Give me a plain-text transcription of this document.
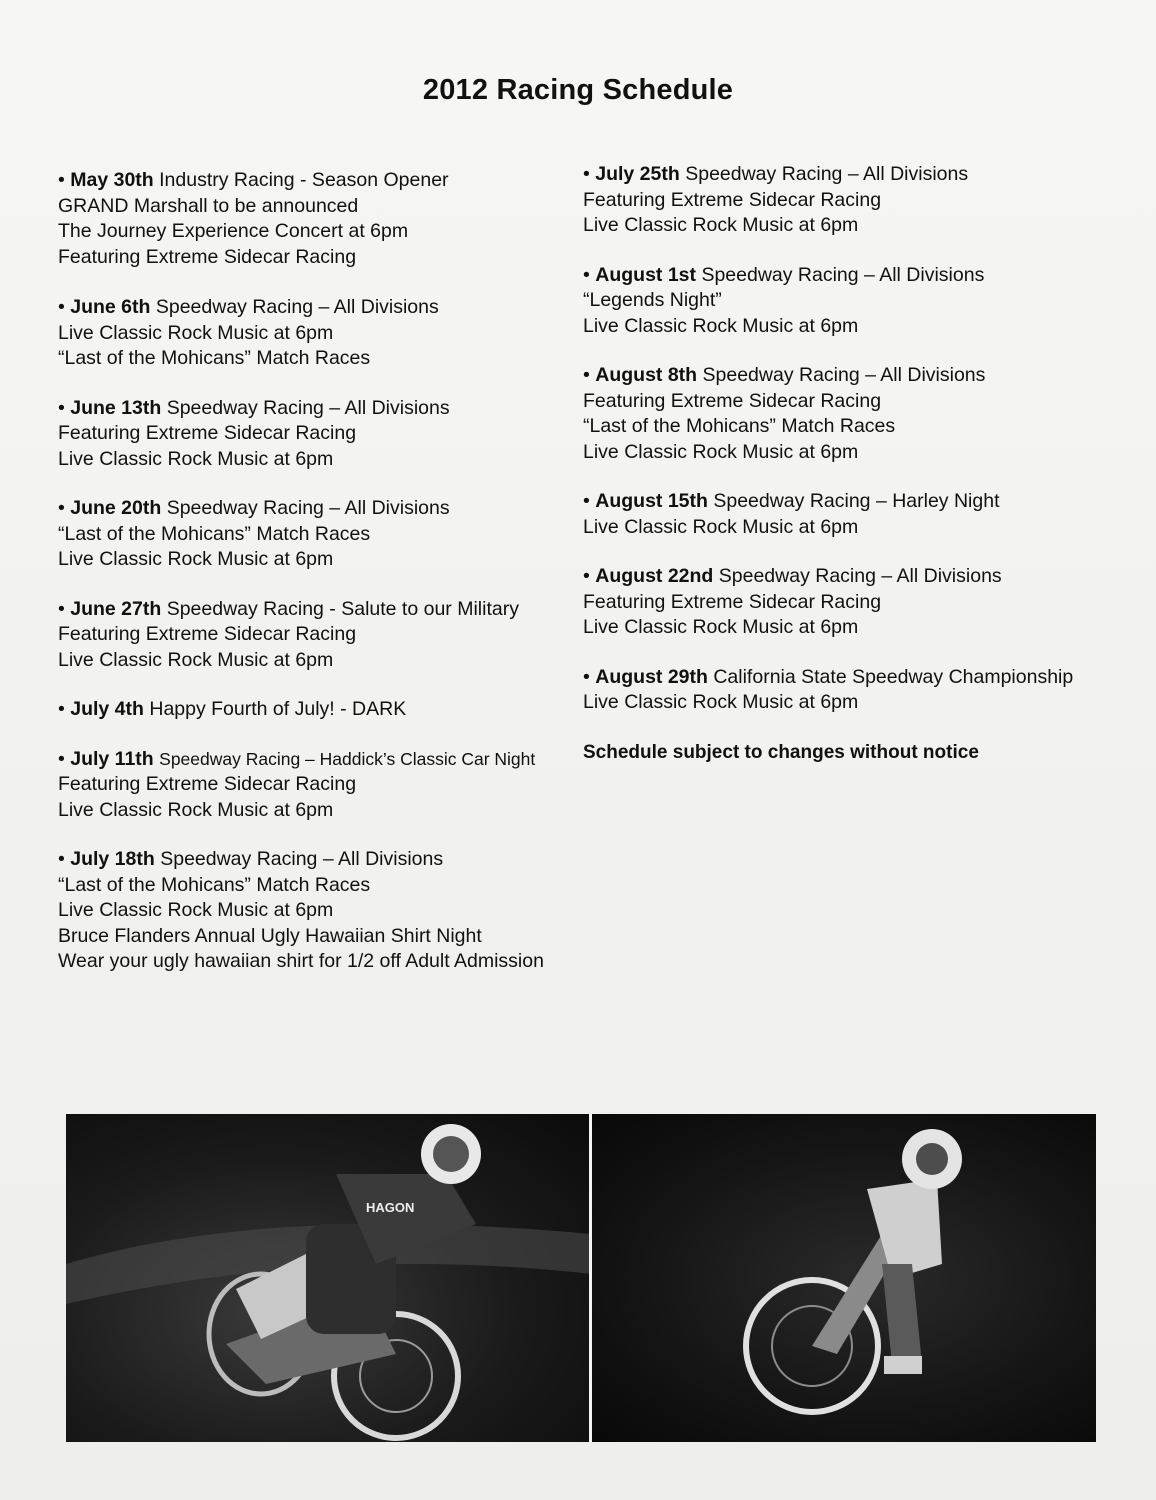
2012 Racing Schedule
• May 30th Industry Racing - Season Opener
GRAND Marshall to be announced
The Journey Experience Concert at 6pm
Featuring Extreme Sidecar Racing
• June 6th Speedway Racing – All Divisions
Live Classic Rock Music at 6pm
“Last of the Mohicans” Match Races
• June 13th Speedway Racing – All Divisions
Featuring Extreme Sidecar Racing
Live Classic Rock Music at 6pm
• June 20th Speedway Racing – All Divisions
“Last of the Mohicans” Match Races
Live Classic Rock Music at 6pm
• June 27th Speedway Racing - Salute to our Military
Featuring Extreme Sidecar Racing
Live Classic Rock Music at 6pm
• July 4th Happy Fourth of July! - DARK
• July 11th Speedway Racing – Haddick’s Classic Car Night
Featuring Extreme Sidecar Racing
Live Classic Rock Music at 6pm
• July 18th Speedway Racing – All Divisions
“Last of the Mohicans” Match Races
Live Classic Rock Music at 6pm
Bruce Flanders Annual Ugly Hawaiian Shirt Night
Wear your ugly hawaiian shirt for 1/2 off Adult Admission
• July 25th Speedway Racing – All Divisions
Featuring Extreme Sidecar Racing
Live Classic Rock Music at 6pm
• August 1st Speedway Racing – All Divisions
“Legends Night”
Live Classic Rock Music at 6pm
• August 8th Speedway Racing – All Divisions
Featuring Extreme Sidecar Racing
“Last of the Mohicans” Match Races
Live Classic Rock Music at 6pm
• August 15th Speedway Racing – Harley Night
Live Classic Rock Music at 6pm
• August 22nd Speedway Racing – All Divisions
Featuring Extreme Sidecar Racing
Live Classic Rock Music at 6pm
• August 29th California State Speedway Championship
Live Classic Rock Music at 6pm
Schedule subject to changes without notice
HAGON
